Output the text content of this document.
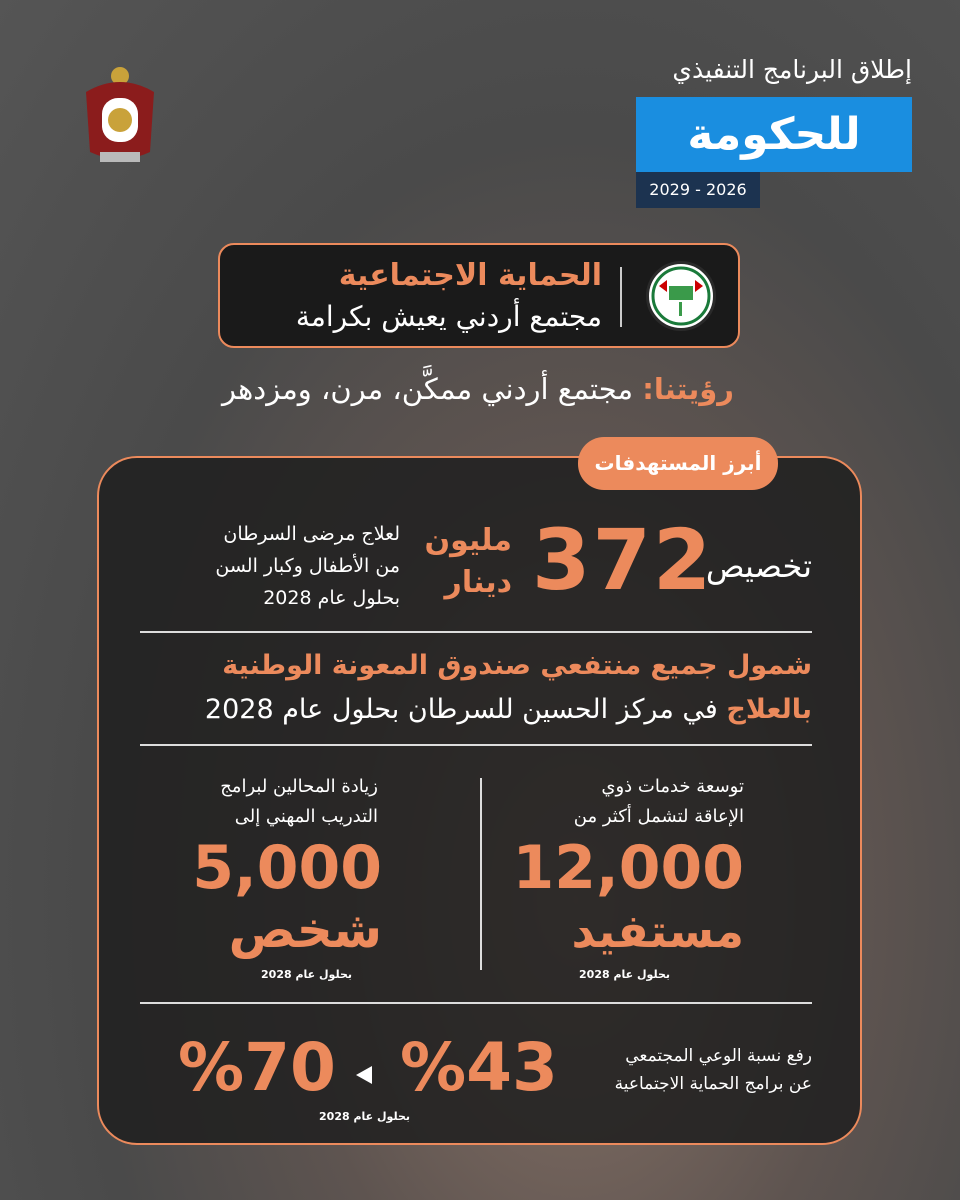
إطلاق البرنامج التنفيذي
للحكومة
2029 - 2026
الحماية الاجتماعية
مجتمع أردني يعيش بكرامة
رؤيتنا: مجتمع أردني ممكَّن، مرن، ومزدهر
أبرز المستهدفات
تخصيص
372
مليون
دينار
لعلاج مرضى السرطان
من الأطفال وكبار السن
بحلول عام 2028
شمول جميع منتفعي صندوق المعونة الوطنية
بالعلاج في مركز الحسين للسرطان بحلول عام 2028
توسعة خدمات ذوي
الإعاقة لتشمل أكثر من
12,000
مستفيد
بحلول عام 2028
زيادة المحالين لبرامج
التدريب المهني إلى
5,000
شخص
بحلول عام 2028
رفع نسبة الوعي المجتمعي
عن برامج الحماية الاجتماعية
%43
%70
بحلول عام 2028
